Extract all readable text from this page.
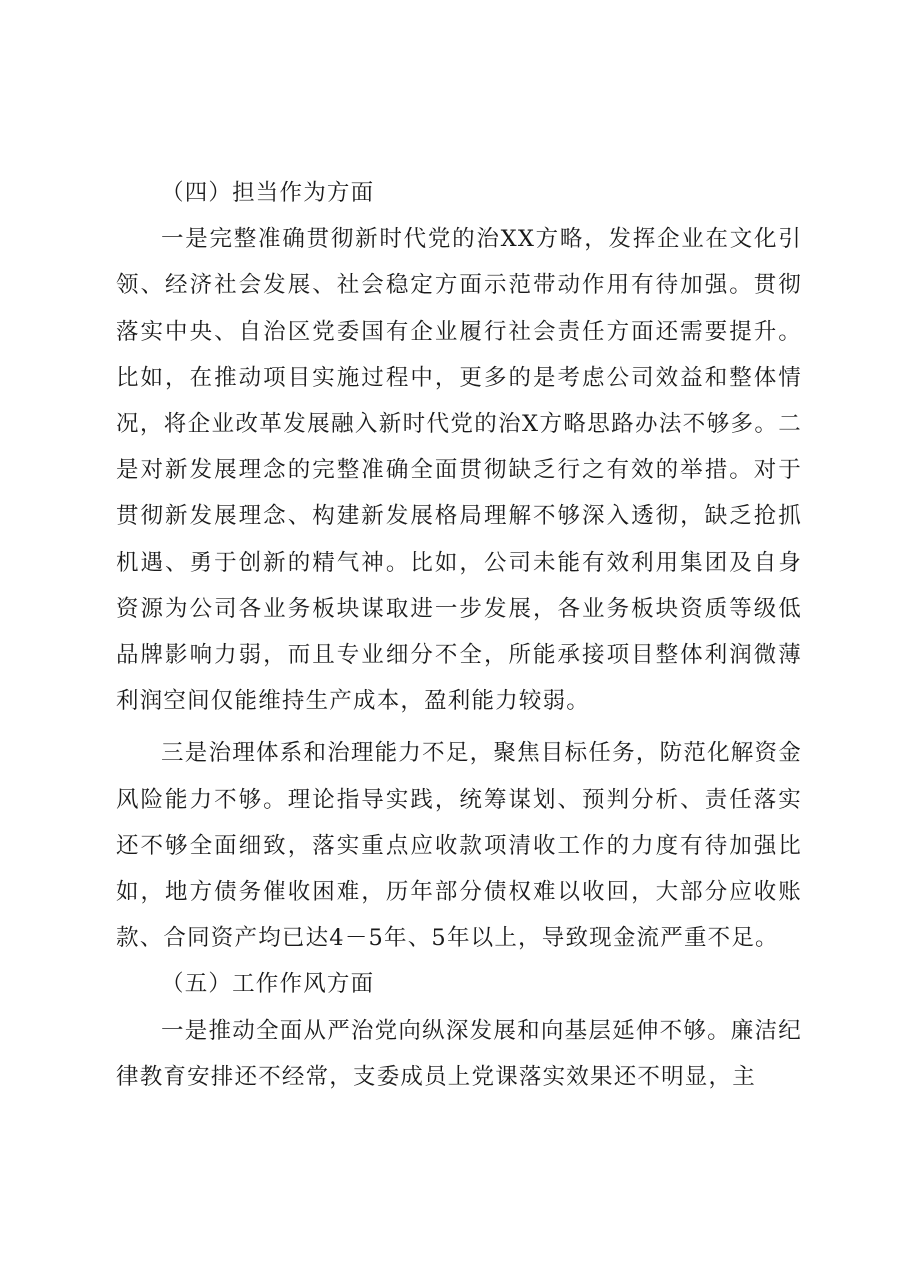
（四）担当作为方面

一是完整准确贯彻新时代党的治XX方略，发挥企业在文化引领、经济社会发展、社会稳定方面示范带动作用有待加强。贯彻落实中央、自治区党委国有企业履行社会责任方面还需要提升。比如，在推动项目实施过程中，更多的是考虑公司效益和整体情况，将企业改革发展融入新时代党的治X方略思路办法不够多。二是对新发展理念的完整准确全面贯彻缺乏行之有效的举措。对于贯彻新发展理念、构建新发展格局理解不够深入透彻，缺乏抢抓机遇、勇于创新的精气神。比如，公司未能有效利用集团及自身资源为公司各业务板块谋取进一步发展，各业务板块资质等级低品牌影响力弱，而且专业细分不全，所能承接项目整体利润微薄利润空间仅能维持生产成本，盈利能力较弱。

三是治理体系和治理能力不足，聚焦目标任务，防范化解资金风险能力不够。理论指导实践，统筹谋划、预判分析、责任落实还不够全面细致，落实重点应收款项清收工作的力度有待加强比如，地方债务催收困难，历年部分债权难以收回，大部分应收账款、合同资产均已达4－5年、5年以上，导致现金流严重不足。

（五）工作作风方面

一是推动全面从严治党向纵深发展和向基层延伸不够。廉洁纪律教育安排还不经常，支委成员上党课落实效果还不明显，主
